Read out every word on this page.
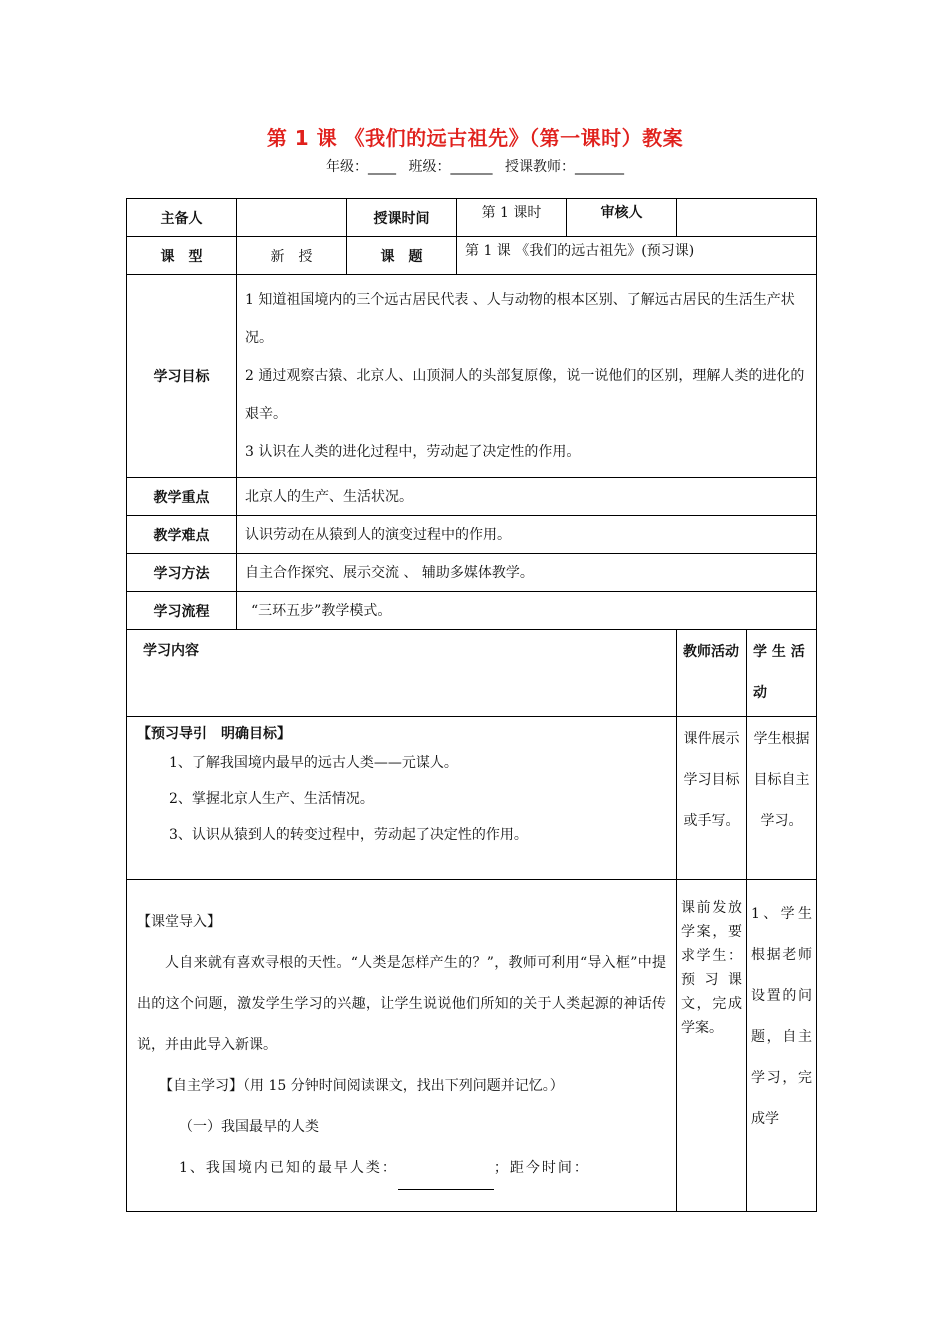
第 1 课 《我们的远古祖先》（第一课时）教案
年级：____ 班级：______ 授课教师：_______
主备人		授课时间	第 1 课时	审核人		
课　型	新　授	课　题	第 1 课 《我们的远古祖先》(预习课)			
学习目标	1 知道祖国境内的三个远古居民代表 、人与动物的根本区别、了解远古居民的生活生产状况。
2 通过观察古猿、北京人、山顶洞人的头部复原像，说一说他们的区别，理解人类的进化的艰辛。
3 认识在人类的进化过程中，劳动起了决定性的作用。					

教学重点	北京人的生产、生活状况。					
教学难点	认识劳动在从猿到人的演变过程中的作用。					
学习方法	自主合作探究、展示交流 、 辅助多媒体教学。					
学习流程	“三环五步”教学模式。					
学习内容					教师活动	学 生 活 动

【预习导引　明确目标】
1、了解我国境内最早的远古人类——元谋人。
2、掌握北京人生产、生活情况。
3、认识从猿到人的转变过程中，劳动起了决定性的作用。					课件展示学习目标或手写。	学生根据目标自主学习。

【课堂导入】
人自来就有喜欢寻根的天性。“人类是怎样产生的？”，教师可利用“导入框”中提出的这个问题，激发学生学习的兴趣，让学生说说他们所知的关于人类起源的神话传说，并由此导入新课。
【自主学习】（用 15 分钟时间阅读课文，找出下列问题并记忆。）
（一）我国最早的人类
1、我国境内已知的最早人类： ；距今时间：					课前发放学案，要求学生：预习课文，完成学案。	1、学生根据老师设置的问题，自主学习，完成学
